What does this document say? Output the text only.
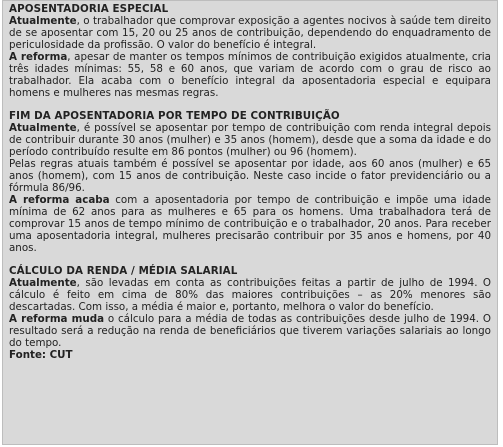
APOSENTADORIA ESPECIAL

Atualmente, o trabalhador que comprovar exposição a agentes nocivos à saúde tem direito de se aposentar com 15, 20 ou 25 anos de contribuição, dependendo do enquadramento de periculosidade da profissão. O valor do benefício é integral.

A reforma, apesar de manter os tempos mínimos de contribuição exigidos atualmente, cria três idades mínimas: 55, 58 e 60 anos, que variam de acordo com o grau de risco ao trabalhador. Ela acaba com o benefício integral da aposentadoria especial e equipara homens e mulheres nas mesmas regras.

FIM DA APOSENTADORIA POR TEMPO DE CONTRIBUIÇÃO

Atualmente, é possível se aposentar por tempo de contribuição com renda integral depois de contribuir durante 30 anos (mulher) e 35 anos (homem), desde que a soma da idade e do período contribuído resulte em 86 pontos (mulher) ou 96 (homem).

Pelas regras atuais também é possível se aposentar por idade, aos 60 anos (mulher) e 65 anos (homem), com 15 anos de contribuição. Neste caso incide o fator previdenciário ou a fórmula 86/96.

A reforma acaba com a aposentadoria por tempo de contribuição e impõe uma idade mínima de 62 anos para as mulheres e 65 para os homens. Uma trabalhadora terá de comprovar 15 anos de tempo mínimo de contribuição e o trabalhador, 20 anos. Para receber uma aposentadoria integral, mulheres precisarão contribuir por 35 anos e homens, por 40 anos.

CÁLCULO DA RENDA / MÉDIA SALARIAL

Atualmente, são levadas em conta as contribuições feitas a partir de julho de 1994. O cálculo é feito em cima de 80% das maiores contribuições – as 20% menores são descartadas. Com isso, a média é maior e, portanto, melhora o valor do benefício.

A reforma muda o cálculo para a média de todas as contribuições desde julho de 1994. O resultado será a redução na renda de beneficiários que tiverem variações salariais ao longo do tempo.

Fonte: CUT
